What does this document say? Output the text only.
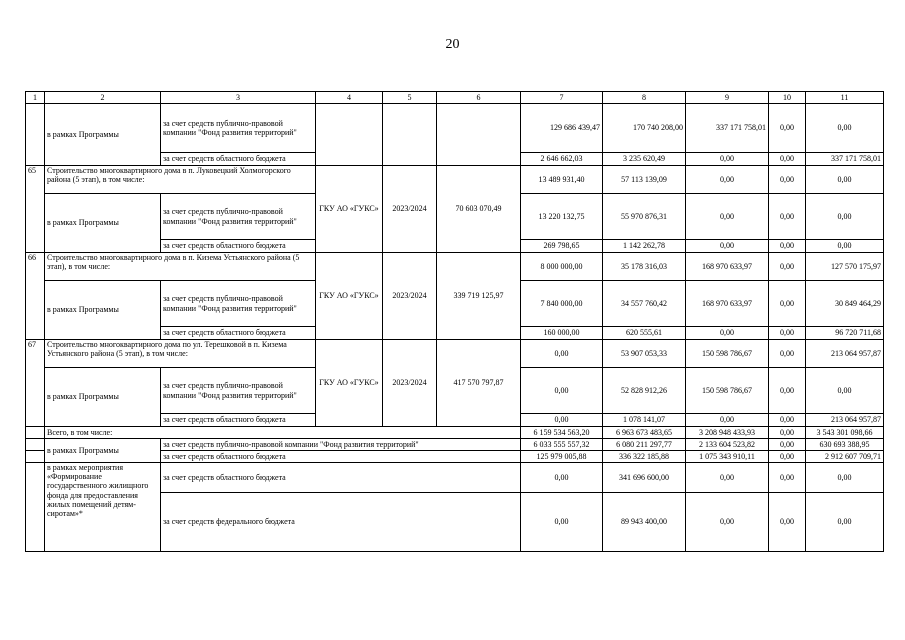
20
1	2	3	4	5	6	7	8	9	10	11
	в рамках Программы	за счет средств публично-правовой компании "Фонд развития территорий"				129 686 439,47	170 740 208,00	337 171 758,01	0,00	0,00
		за счет средств областного бюджета				2 646 662,03	3 235 620,49	0,00	0,00	337 171 758,01
65	Строительство многоквартирного дома в п. Луковецкий Холмогорского района (5 этап), в том числе:		ГКУ АО «ГУКС»	2023/2024	70 603 070,49	13 489 931,40	57 113 139,09	0,00	0,00	0,00
	в рамках Программы	за счет средств публично-правовой компании "Фонд развития территорий"				13 220 132,75	55 970 876,31	0,00	0,00	0,00
		за счет средств областного бюджета				269 798,65	1 142 262,78	0,00	0,00	0,00
66	Строительство многоквартирного дома в п. Кизема Устьянского района (5 этап), в том числе:		ГКУ АО «ГУКС»	2023/2024	339 719 125,97	8 000 000,00	35 178 316,03	168 970 633,97	0,00	127 570 175,97
	в рамках Программы	за счет средств публично-правовой компании "Фонд развития территорий"				7 840 000,00	34 557 760,42	168 970 633,97	0,00	30 849 464,29
		за счет средств областного бюджета				160 000,00	620 555,61	0,00	0,00	96 720 711,68
67	Строительство многоквартирного дома по ул. Терешковой в п. Кизема Устьянского района (5 этап), в том числе:		ГКУ АО «ГУКС»	2023/2024	417 570 797,87	0,00	53 907 053,33	150 598 786,67	0,00	213 064 957,87
	в рамках Программы	за счет средств публично-правовой компании "Фонд развития территорий"				0,00	52 828 912,26	150 598 786,67	0,00	0,00
		за счет средств областного бюджета				0,00	1 078 141,07	0,00	0,00	213 064 957,87
	Всего, в том числе:					6 159 534 563,20	6 963 673 483,65	3 208 948 433,93	0,00	3 543 301 098,66
	в рамках Программы	за счет средств публично-правовой компании "Фонд развития территорий"				6 033 555 557,32	6 080 211 297,77	2 133 604 523,82	0,00	630 693 388,95
		за счет средств областного бюджета				125 979 005,88	336 322 185,88	1 075 343 910,11	0,00	2 912 607 709,71
	в рамках мероприятия «Формирование государственного жилищного фонда для предоставления жилых помещений детям-сиротам»*	за счет средств областного бюджета				0,00	341 696 600,00	0,00	0,00	0,00
		за счет средств федерального бюджета				0,00	89 943 400,00	0,00	0,00	0,00
